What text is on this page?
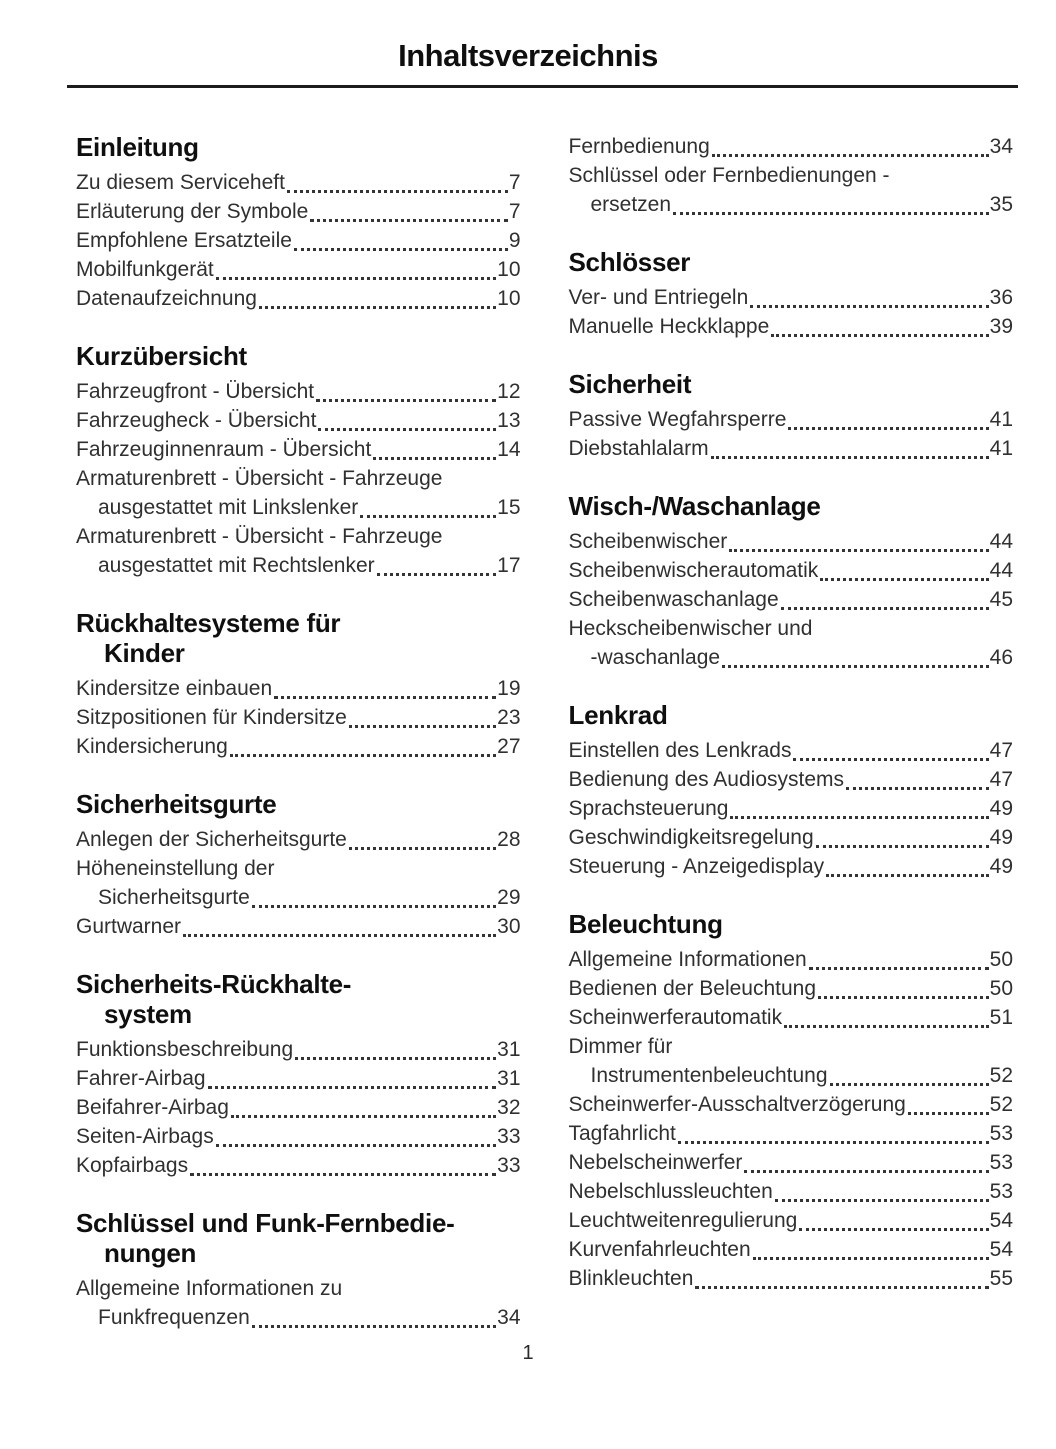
Inhaltsverzeichnis
Einleitung
Zu diesem Serviceheft	7
Erläuterung der Symbole	7
Empfohlene Ersatzteile	9
Mobilfunkgerät	10
Datenaufzeichnung	10
Kurzübersicht
Fahrzeugfront - Übersicht	12
Fahrzeugheck - Übersicht	13
Fahrzeuginnenraum - Übersicht	14
Armaturenbrett - Übersicht - Fahrzeuge
ausgestattet mit Linkslenker	15
Armaturenbrett - Übersicht - Fahrzeuge
ausgestattet mit Rechtslenker	17
Rückhaltesysteme für
Kinder
Kindersitze einbauen	19
Sitzpositionen für Kindersitze	23
Kindersicherung	27
Sicherheitsgurte
Anlegen der Sicherheitsgurte	28
Höheneinstellung der
Sicherheitsgurte	29
Gurtwarner	30
Sicherheits-Rückhalte-
system
Funktionsbeschreibung	31
Fahrer-Airbag	31
Beifahrer-Airbag	32
Seiten-Airbags	33
Kopfairbags	33
Schlüssel und Funk-Fernbedie-
nungen
Allgemeine Informationen zu
Funkfrequenzen	34
Fernbedienung	34
Schlüssel oder Fernbedienungen -
ersetzen	35
Schlösser
Ver- und Entriegeln	36
Manuelle Heckklappe	39
Sicherheit
Passive Wegfahrsperre	41
Diebstahlalarm	41
Wisch-/Waschanlage
Scheibenwischer	44
Scheibenwischerautomatik	44
Scheibenwaschanlage	45
Heckscheibenwischer und
-waschanlage	46
Lenkrad
Einstellen des Lenkrads	47
Bedienung des Audiosystems	47
Sprachsteuerung	49
Geschwindigkeitsregelung	49
Steuerung - Anzeigedisplay	49
Beleuchtung
Allgemeine Informationen	50
Bedienen der Beleuchtung	50
Scheinwerferautomatik	51
Dimmer für
Instrumentenbeleuchtung	52
Scheinwerfer-Ausschaltverzögerung	52
Tagfahrlicht	53
Nebelscheinwerfer	53
Nebelschlussleuchten	53
Leuchtweitenregulierung	54
Kurvenfahrleuchten	54
Blinkleuchten	55
1
